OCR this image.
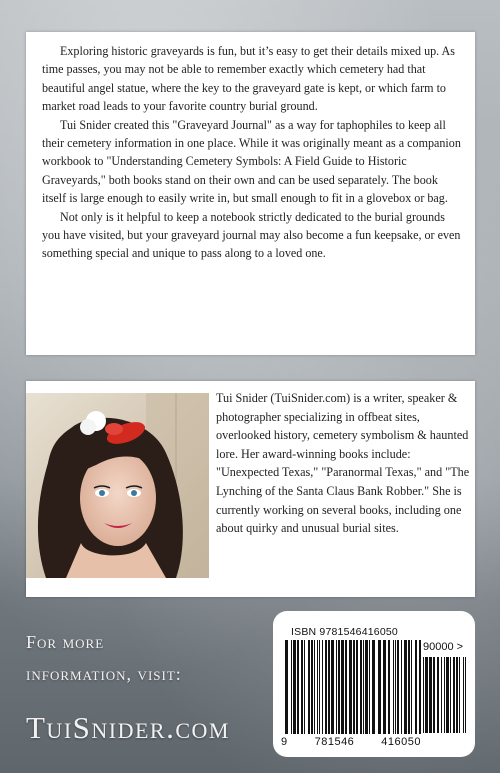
Exploring historic graveyards is fun, but it’s easy to get their details mixed up. As time passes, you may not be able to remember exactly which cemetery had that beautiful angel statue, where the key to the graveyard gate is kept, or which farm to market road leads to your favorite country burial ground.

Tui Snider created this "Graveyard Journal" as a way for taphophiles to keep all their cemetery information in one place. While it was originally meant as a companion workbook to "Understanding Cemetery Symbols: A Field Guide to Historic Graveyards," both books stand on their own and can be used separately. The book itself is large enough to easily write in, but small enough to fit in a glovebox or bag.

Not only is it helpful to keep a notebook strictly dedicated to the burial grounds you have visited, but your graveyard journal may also become a fun keepsake, or even something special and unique to pass along to a loved one.

Tui Snider (TuiSnider.com) is a writer, speaker & photographer specializing in offbeat sites, overlooked history, cemetery symbolism & haunted lore. Her award-winning books include: "Unexpected Texas," "Paranormal Texas," and "The Lynching of the Santa Claus Bank Robber." She is currently working on several books, including one about quirky and unusual burial sites.

For more
information, visit:
TuiSnider.com
ISBN 9781546416050
90000 >
9 781546 416050
